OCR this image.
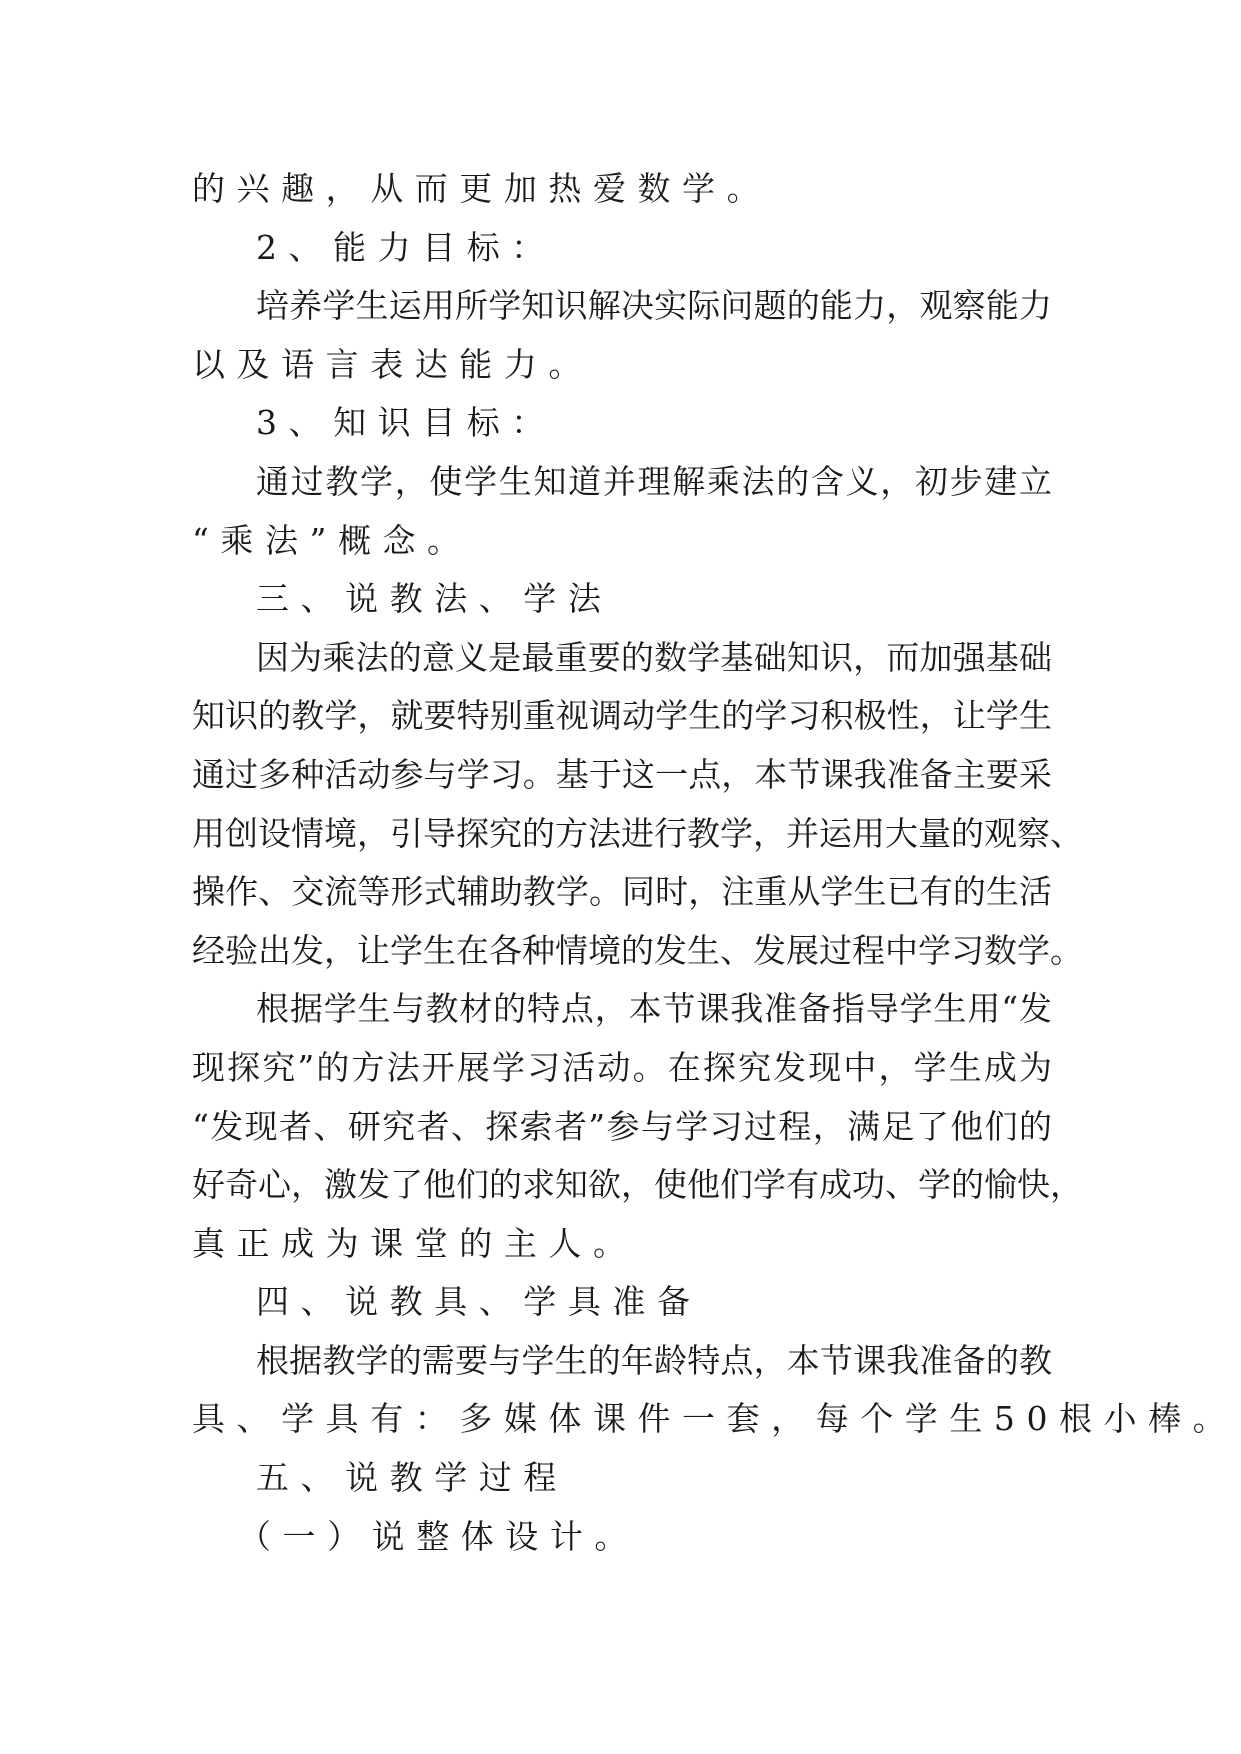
的兴趣，从而更加热爱数学。
2、能力目标：
培养学生运用所学知识解决实际问题的能力，观察能力
以及语言表达能力。
3、知识目标：
通过教学，使学生知道并理解乘法的含义，初步建立
“乘法”概念。
三、说教法、学法
因为乘法的意义是最重要的数学基础知识，而加强基础
知识的教学，就要特别重视调动学生的学习积极性，让学生
通过多种活动参与学习。基于这一点，本节课我准备主要采
用创设情境，引导探究的方法进行教学，并运用大量的观察、
操作、交流等形式辅助教学。同时，注重从学生已有的生活
经验出发，让学生在各种情境的发生、发展过程中学习数学。
根据学生与教材的特点，本节课我准备指导学生用“发
现探究”的方法开展学习活动。在探究发现中，学生成为
“发现者、研究者、探索者”参与学习过程，满足了他们的
好奇心，激发了他们的求知欲，使他们学有成功、学的愉快，
真正成为课堂的主人。
四、说教具、学具准备
根据教学的需要与学生的年龄特点，本节课我准备的教
具、学具有：多媒体课件一套，每个学生50根小棒。
五、说教学过程
（一）说整体设计。
